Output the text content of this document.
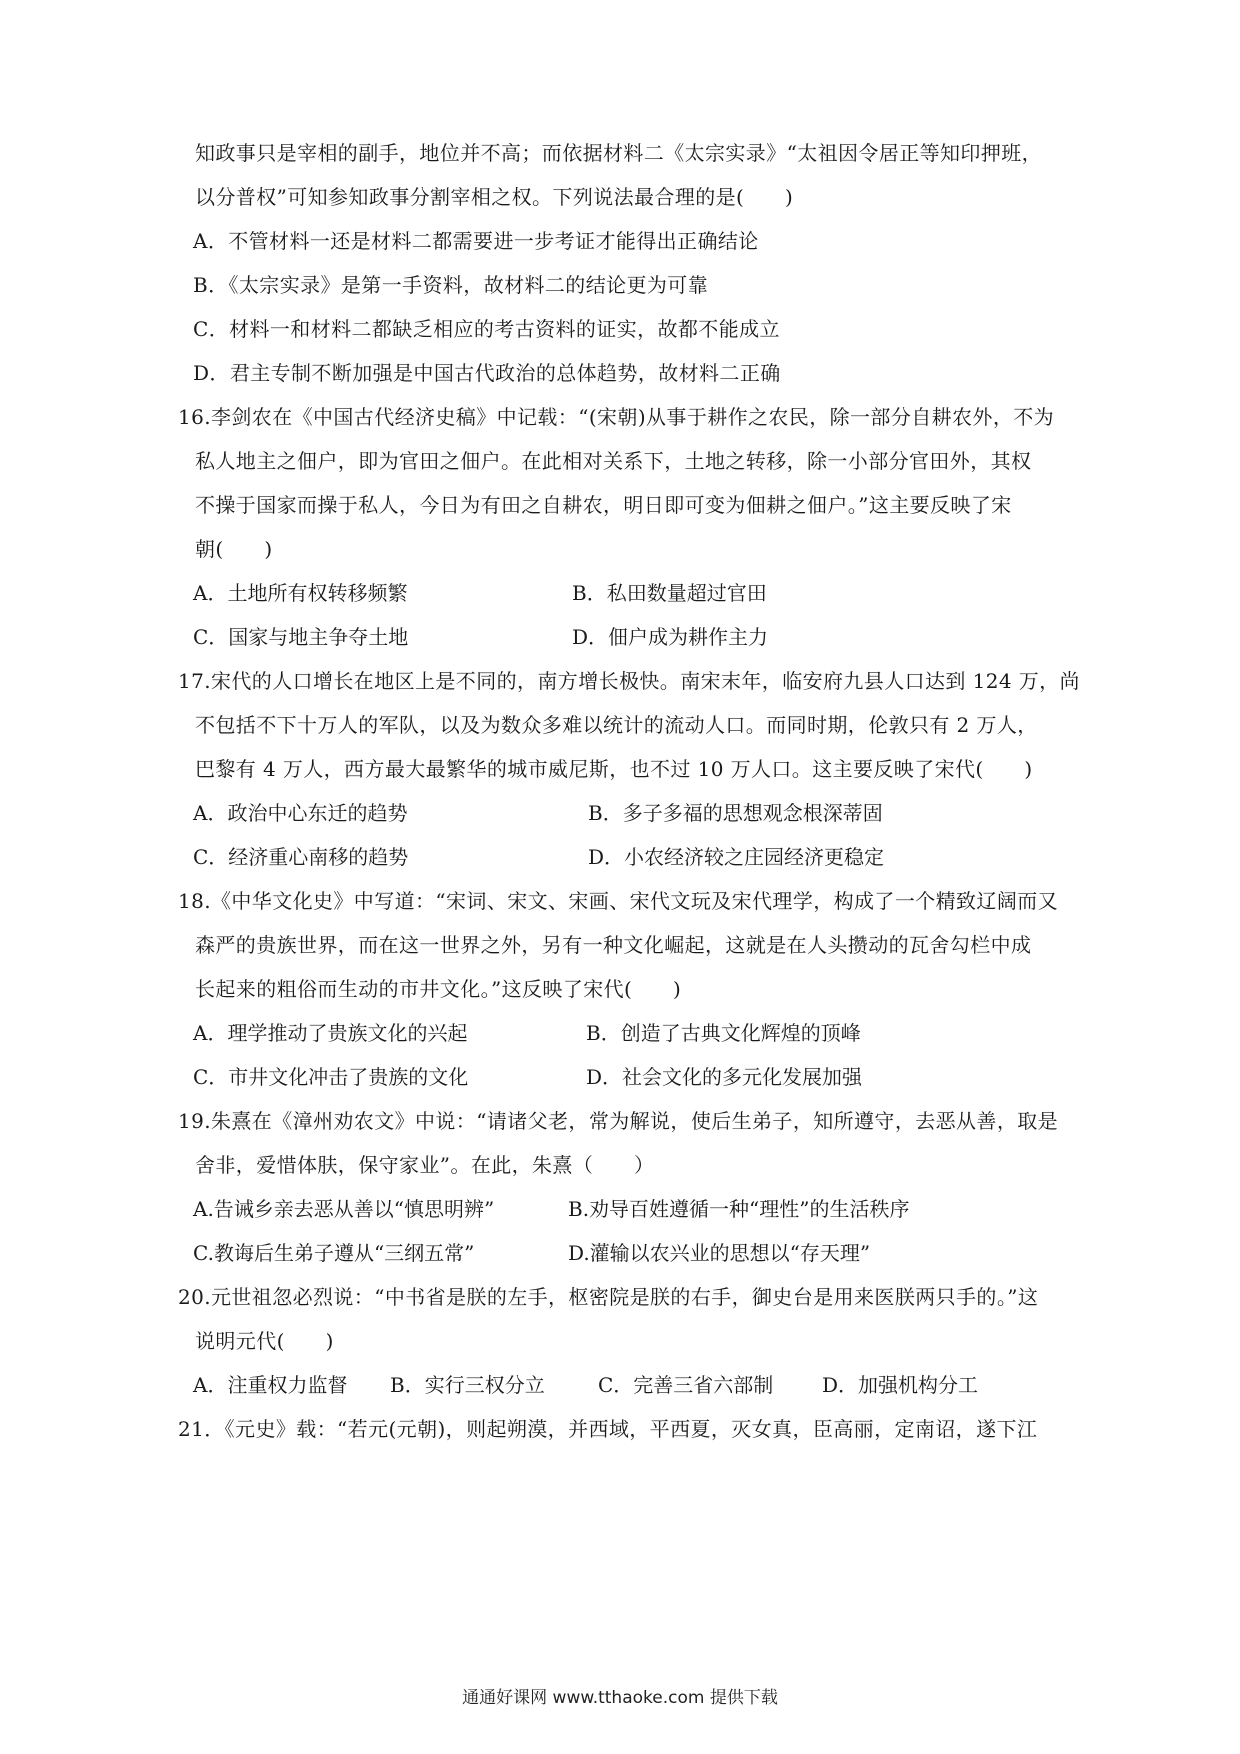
知政事只是宰相的副手，地位并不高；而依据材料二《太宗实录》“太祖因令居正等知印押班，
以分普权”可知参知政事分割宰相之权。下列说法最合理的是(　　)
A．不管材料一还是材料二都需要进一步考证才能得出正确结论
B．《太宗实录》是第一手资料，故材料二的结论更为可靠
C．材料一和材料二都缺乏相应的考古资料的证实，故都不能成立
D．君主专制不断加强是中国古代政治的总体趋势，故材料二正确
16.李剑农在《中国古代经济史稿》中记载：“(宋朝)从事于耕作之农民，除一部分自耕农外，不为
私人地主之佃户，即为官田之佃户。在此相对关系下，土地之转移，除一小部分官田外，其权
不操于国家而操于私人，今日为有田之自耕农，明日即可变为佃耕之佃户。”这主要反映了宋
朝(　　)
A．土地所有权转移频繁	B．私田数量超过官田
C．国家与地主争夺土地	D．佃户成为耕作主力
17.宋代的人口增长在地区上是不同的，南方增长极快。南宋末年，临安府九县人口达到 124 万，尚
不包括不下十万人的军队，以及为数众多难以统计的流动人口。而同时期，伦敦只有 2 万人，
巴黎有 4 万人，西方最大最繁华的城市威尼斯，也不过 10 万人口。这主要反映了宋代(　　)
A．政治中心东迁的趋势	B．多子多福的思想观念根深蒂固
C．经济重心南移的趋势	D．小农经济较之庄园经济更稳定
18.《中华文化史》中写道：“宋词、宋文、宋画、宋代文玩及宋代理学，构成了一个精致辽阔而又
森严的贵族世界，而在这一世界之外，另有一种文化崛起，这就是在人头攒动的瓦舍勾栏中成
长起来的粗俗而生动的市井文化。”这反映了宋代(　　)
A．理学推动了贵族文化的兴起	B．创造了古典文化辉煌的顶峰
C．市井文化冲击了贵族的文化	D．社会文化的多元化发展加强
19.朱熹在《漳州劝农文》中说：“请诸父老，常为解说，使后生弟子，知所遵守，去恶从善，取是
舍非，爱惜体肤，保守家业”。在此，朱熹（　　）
A.告诫乡亲去恶从善以“慎思明辨”	B.劝导百姓遵循一种“理性”的生活秩序
C.教诲后生弟子遵从“三纲五常”	D.灌输以农兴业的思想以“存天理”
20.元世祖忽必烈说：“中书省是朕的左手，枢密院是朕的右手，御史台是用来医朕两只手的。”这
说明元代(　　)
A．注重权力监督 B．实行三权分立	C．完善三省六部制 D．加强机构分工
21．《元史》载：“若元(元朝)，则起朔漠，并西域，平西夏，灭女真，臣高丽，定南诏，遂下江
通通好课网 www.tthaoke.com 提供下载
